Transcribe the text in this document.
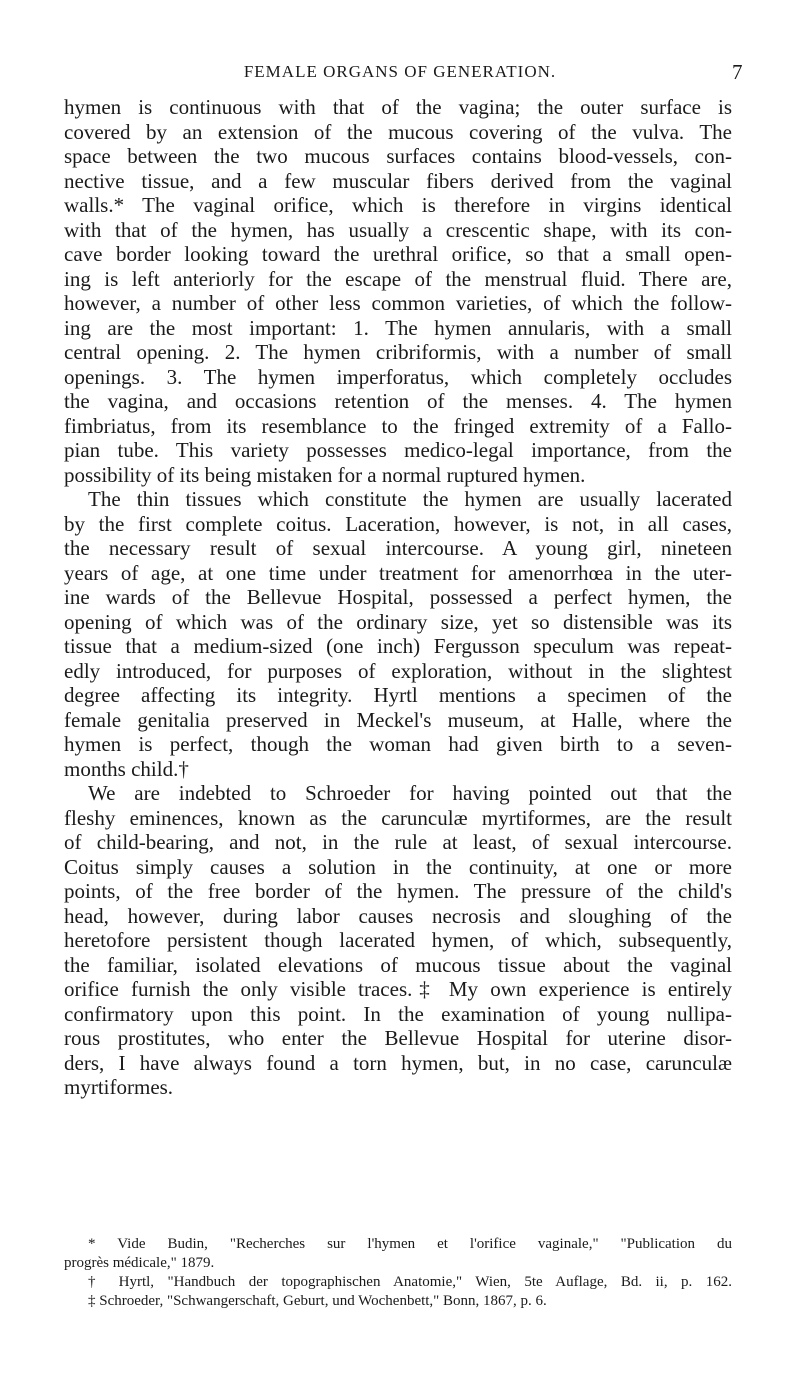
FEMALE ORGANS OF GENERATION.	7
hymen is continuous with that of the vagina; the outer surface is
covered by an extension of the mucous covering of the vulva. The
space between the two mucous surfaces contains blood-vessels, con-
nective tissue, and a few muscular fibers derived from the vaginal
walls.* The vaginal orifice, which is therefore in virgins identical
with that of the hymen, has usually a crescentic shape, with its con-
cave border looking toward the urethral orifice, so that a small open-
ing is left anteriorly for the escape of the menstrual fluid. There are,
however, a number of other less common varieties, of which the follow-
ing are the most important: 1. The hymen annularis, with a small
central opening. 2. The hymen cribriformis, with a number of small
openings. 3. The hymen imperforatus, which completely occludes
the vagina, and occasions retention of the menses. 4. The hymen
fimbriatus, from its resemblance to the fringed extremity of a Fallo-
pian tube. This variety possesses medico-legal importance, from the
possibility of its being mistaken for a normal ruptured hymen.
The thin tissues which constitute the hymen are usually lacerated
by the first complete coitus. Laceration, however, is not, in all cases,
the necessary result of sexual intercourse. A young girl, nineteen
years of age, at one time under treatment for amenorrhœa in the uter-
ine wards of the Bellevue Hospital, possessed a perfect hymen, the
opening of which was of the ordinary size, yet so distensible was its
tissue that a medium-sized (one inch) Fergusson speculum was repeat-
edly introduced, for purposes of exploration, without in the slightest
degree affecting its integrity. Hyrtl mentions a specimen of the
female genitalia preserved in Meckel's museum, at Halle, where the
hymen is perfect, though the woman had given birth to a seven-
months child.†
We are indebted to Schroeder for having pointed out that the
fleshy eminences, known as the carunculæ myrtiformes, are the result
of child-bearing, and not, in the rule at least, of sexual intercourse.
Coitus simply causes a solution in the continuity, at one or more
points, of the free border of the hymen. The pressure of the child's
head, however, during labor causes necrosis and sloughing of the
heretofore persistent though lacerated hymen, of which, subsequently,
the familiar, isolated elevations of mucous tissue about the vaginal
orifice furnish the only visible traces.‡ My own experience is entirely
confirmatory upon this point. In the examination of young nullipa-
rous prostitutes, who enter the Bellevue Hospital for uterine disor-
ders, I have always found a torn hymen, but, in no case, carunculæ
myrtiformes.
* Vide Budin, "Recherches sur l'hymen et l'orifice vaginale," "Publication du
progrès médicale," 1879.
† Hyrtl, "Handbuch der topographischen Anatomie," Wien, 5te Auflage, Bd. ii, p. 162.
‡ Schroeder, "Schwangerschaft, Geburt, und Wochenbett," Bonn, 1867, p. 6.
